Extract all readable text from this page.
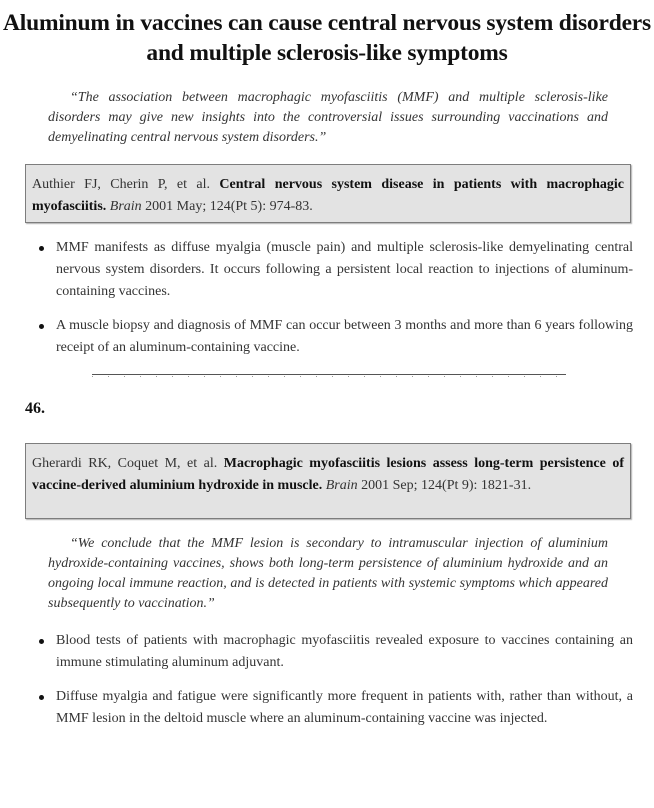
Aluminum in vaccines can cause central nervous system disorders and multiple sclerosis-like symptoms
“The association between macrophagic myofasciitis (MMF) and multiple sclerosis-like disorders may give new insights into the controversial issues surrounding vaccinations and demyelinating central nervous system disorders.”
Authier FJ, Cherin P, et al. Central nervous system disease in patients with macrophagic myofasciitis. Brain 2001 May; 124(Pt 5): 974-83.
MMF manifests as diffuse myalgia (muscle pain) and multiple sclerosis-like demyelinating central nervous system disorders. It occurs following a persistent local reaction to injections of aluminum-containing vaccines.
A muscle biopsy and diagnosis of MMF can occur between 3 months and more than 6 years following receipt of an aluminum-containing vaccine.
46.
Gherardi RK, Coquet M, et al. Macrophagic myofasciitis lesions assess long-term persistence of vaccine-derived aluminium hydroxide in muscle. Brain 2001 Sep; 124(Pt 9): 1821-31.
“We conclude that the MMF lesion is secondary to intramuscular injection of aluminium hydroxide-containing vaccines, shows both long-term persistence of aluminium hydroxide and an ongoing local immune reaction, and is detected in patients with systemic symptoms which appeared subsequently to vaccination.”
Blood tests of patients with macrophagic myofasciitis revealed exposure to vaccines containing an immune stimulating aluminum adjuvant.
Diffuse myalgia and fatigue were significantly more frequent in patients with, rather than without, a MMF lesion in the deltoid muscle where an aluminum-containing vaccine was injected.
